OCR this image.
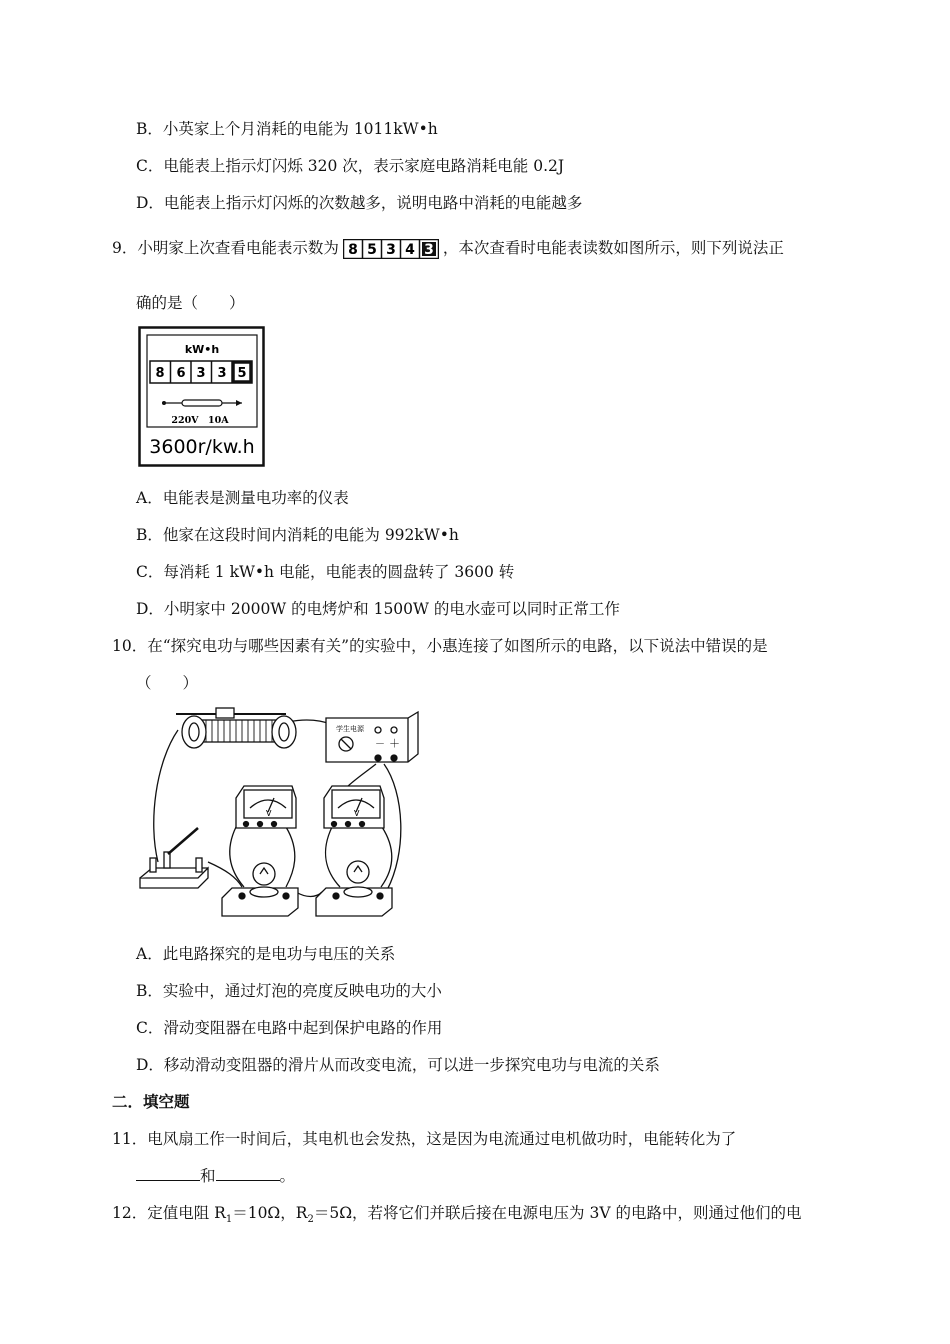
B．小英家上个月消耗的电能为 1011kW•h
C．电能表上指示灯闪烁 320 次，表示家庭电路消耗电能 0.2J
D．电能表上指示灯闪烁的次数越多，说明电路中消耗的电能越多
9．小明家上次查看电能表示数为 8 5 3 4 3 ，本次查看时电能表读数如图所示，则下列说法正
确的是（　　）
kW•h
8 6 3 3 5
220V　10A
3600r/kw.h
A．电能表是测量电功率的仪表
B．他家在这段时间内消耗的电能为 992kW•h
C．每消耗 1 kW•h 电能，电能表的圆盘转了 3600 转
D．小明家中 2000W 的电烤炉和 1500W 的电水壶可以同时正常工作
10．在“探究电功与哪些因素有关”的实验中，小惠连接了如图所示的电路，以下说法中错误的是
（　　）
学生电源
－ ＋
V	V
A．此电路探究的是电功与电压的关系
B．实验中，通过灯泡的亮度反映电功的大小
C．滑动变阻器在电路中起到保护电路的作用
D．移动滑动变阻器的滑片从而改变电流，可以进一步探究电功与电流的关系
二．填空题
11．电风扇工作一时间后，其电机也会发热，这是因为电流通过电机做功时，电能转化为了
和	。
12．定值电阻 $R_1=10\Omega$，$R_2=5\Omega$，若将它们并联后接在电源电压为 3V 的电路中，则通过他们的电
